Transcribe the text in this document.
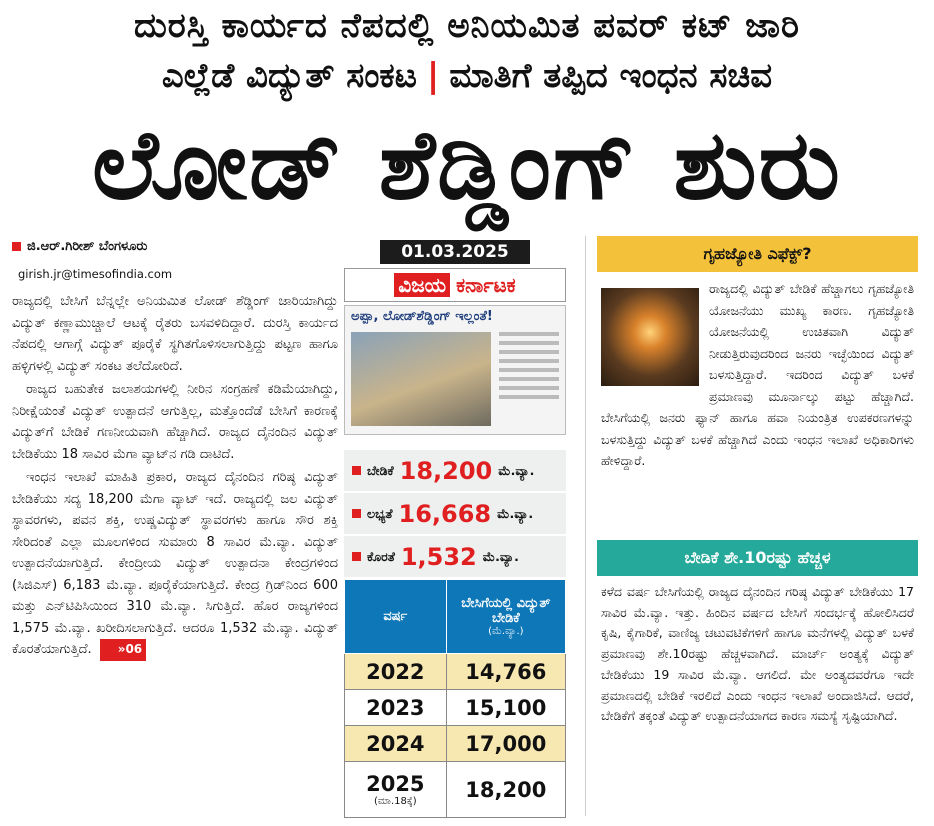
ದುರಸ್ತಿ ಕಾರ್ಯದ ನೆಪದಲ್ಲಿ ಅನಿಯಮಿತ ಪವರ್ ಕಟ್ ಜಾರಿ
ಎಲ್ಲೆಡೆ ವಿದ್ಯುತ್ ಸಂಕಟ | ಮಾತಿಗೆ ತಪ್ಪಿದ ಇಂಧನ ಸಚಿವ
ಲೋಡ್ ಶೆಡ್ಡಿಂಗ್ ಶುರು
ಜಿ.ಆರ್.ಗಿರೀಶ್ ಬೆಂಗಳೂರು
girish.jr@timesofindia.com

ರಾಜ್ಯದಲ್ಲಿ ಬೇಸಿಗೆ ಬೆನ್ನಲ್ಲೇ ಅನಿಯಮಿತ ಲೋಡ್ ಶೆಡ್ಡಿಂಗ್ ಜಾರಿಯಾಗಿದ್ದು ವಿದ್ಯುತ್ ಕಣ್ಣಾಮುಚ್ಚಾಲೆ ಆಟಕ್ಕೆ ರೈತರು ಬಸವಳಿದಿದ್ದಾರೆ. ದುರಸ್ತಿ ಕಾರ್ಯದ ನೆಪದಲ್ಲಿ ಆಗಾಗ್ಗೆ ವಿದ್ಯುತ್ ಪೂರೈಕೆ ಸ್ಥಗಿತಗೊಳಿಸಲಾಗುತ್ತಿದ್ದು ಪಟ್ಟಣ ಹಾಗೂ ಹಳ್ಳಿಗಳಲ್ಲಿ ವಿದ್ಯುತ್ ಸಂಕಟ ತಲೆದೋರಿದೆ.

ರಾಜ್ಯದ ಬಹುತೇಕ ಜಲಾಶಯಗಳಲ್ಲಿ ನೀರಿನ ಸಂಗ್ರಹಣೆ ಕಡಿಮೆಯಾಗಿದ್ದು, ನಿರೀಕ್ಷೆಯಂತೆ ವಿದ್ಯುತ್ ಉತ್ಪಾದನೆ ಆಗುತ್ತಿಲ್ಲ, ಮತ್ತೊಂದೆಡೆ ಬೇಸಿಗೆ ಕಾರಣಕ್ಕೆ ವಿದ್ಯುತ್‌ಗೆ ಬೇಡಿಕೆ ಗಣನೀಯವಾಗಿ ಹೆಚ್ಚಾಗಿದೆ. ರಾಜ್ಯದ ದೈನಂದಿನ ವಿದ್ಯುತ್ ಬೇಡಿಕೆಯು 18 ಸಾವಿರ ಮೆಗಾ ವ್ಯಾಟ್‌ನ ಗಡಿ ದಾಟಿದೆ.

ಇಂಧನ ಇಲಾಖೆ ಮಾಹಿತಿ ಪ್ರಕಾರ, ರಾಜ್ಯದ ದೈನಂದಿನ ಗರಿಷ್ಠ ವಿದ್ಯುತ್ ಬೇಡಿಕೆಯು ಸದ್ಯ 18,200 ಮೆಗಾ ವ್ಯಾಟ್ ಇದೆ. ರಾಜ್ಯದಲ್ಲಿ ಜಲ ವಿದ್ಯುತ್ ಸ್ಥಾವರಗಳು, ಪವನ ಶಕ್ತಿ, ಉಷ್ಣವಿದ್ಯುತ್ ಸ್ಥಾವರಗಳು ಹಾಗೂ ಸೌರ ಶಕ್ತಿ ಸೇರಿದಂತೆ ಎಲ್ಲಾ ಮೂಲಗಳಿಂದ ಸುಮಾರು 8 ಸಾವಿರ ಮೆ.ವ್ಯಾ. ವಿದ್ಯುತ್ ಉತ್ಪಾದನೆಯಾಗುತ್ತಿದೆ. ಕೇಂದ್ರೀಯ ವಿದ್ಯುತ್ ಉತ್ಪಾದನಾ ಕೇಂದ್ರಗಳಿಂದ (ಸಿಜಿಎಸ್) 6,183 ಮೆ.ವ್ಯಾ. ಪೂರೈಕೆಯಾಗುತ್ತಿದೆ. ಕೇಂದ್ರ ಗ್ರಿಡ್‌ನಿಂದ 600 ಮತ್ತು ಎನ್‌ಟಿಪಿಸಿಯಿಂದ 310 ಮೆ.ವ್ಯಾ. ಸಿಗುತ್ತಿದೆ. ಹೊರ ರಾಜ್ಯಗಳಿಂದ 1,575 ಮೆ.ವ್ಯಾ. ಖರೀದಿಸಲಾಗುತ್ತಿದೆ. ಆದರೂ 1,532 ಮೆ.ವ್ಯಾ. ವಿದ್ಯುತ್ ಕೊರತೆಯಾಗುತ್ತಿದೆ. »06

01.03.2025
ವಿಜಯ ಕರ್ನಾಟಕ
ಅಪ್ಪಾ, ಲೋಡ್‌ಶೆಡ್ಡಿಂಗ್ ಇಲ್ಲಂತೆ!
ಬೇಡಿಕೆ 18,200 ಮೆ.ವ್ಯಾ.
ಲಭ್ಯತೆ 16,668 ಮೆ.ವ್ಯಾ.
ಕೊರತೆ 1,532 ಮೆ.ವ್ಯಾ.
ವರ್ಷ	ಬೇಸಿಗೆಯಲ್ಲಿ ವಿದ್ಯುತ್ ಬೇಡಿಕೆ
(ಮೆ.ವ್ಯಾ.)

2022	14,766
2023	15,100
2024	17,000
2025
(ಮಾ.18ಕ್ಕೆ)	18,200
ಗೃಹಜ್ಯೋತಿ ಎಫೆಕ್ಟ್?
ರಾಜ್ಯದಲ್ಲಿ ವಿದ್ಯುತ್ ಬೇಡಿಕೆ ಹೆಚ್ಚಾಗಲು ಗೃಹಜ್ಯೋತಿ ಯೋಜನೆಯು ಮುಖ್ಯ ಕಾರಣ. ಗೃಹಜ್ಯೋತಿ ಯೋಜನೆಯಲ್ಲಿ ಉಚಿತವಾಗಿ ವಿದ್ಯುತ್ ನೀಡುತ್ತಿರುವುದರಿಂದ ಜನರು ಇಚ್ಛೆಯಿಂದ ವಿದ್ಯುತ್ ಬಳಸುತ್ತಿದ್ದಾರೆ. ಇದರಿಂದ ವಿದ್ಯುತ್ ಬಳಕೆ ಪ್ರಮಾಣವು ಮೂರ್ನಾಲ್ಕು ಪಟ್ಟು ಹೆಚ್ಚಾಗಿದೆ. ಬೇಸಿಗೆಯಲ್ಲಿ ಜನರು ಫ್ಯಾನ್ ಹಾಗೂ ಹವಾ ನಿಯಂತ್ರಿತ ಉಪಕರಣಗಳನ್ನು ಬಳಸುತ್ತಿದ್ದು ವಿದ್ಯುತ್ ಬಳಕೆ ಹೆಚ್ಚಾಗಿದೆ ಎಂದು ಇಂಧನ ಇಲಾಖೆ ಅಧಿಕಾರಿಗಳು ಹೇಳಿದ್ದಾರೆ.
ಬೇಡಿಕೆ ಶೇ.10ರಷ್ಟು ಹೆಚ್ಚಳ
ಕಳೆದ ವರ್ಷ ಬೇಸಿಗೆಯಲ್ಲಿ ರಾಜ್ಯದ ದೈನಂದಿನ ಗರಿಷ್ಠ ವಿದ್ಯುತ್ ಬೇಡಿಕೆಯು 17 ಸಾವಿರ ಮೆ.ವ್ಯಾ. ಇತ್ತು. ಹಿಂದಿನ ವರ್ಷದ ಬೇಸಿಗೆ ಸಂದರ್ಭಕ್ಕೆ ಹೋಲಿಸಿದರೆ ಕೃಷಿ, ಕೈಗಾರಿಕೆ, ವಾಣಿಜ್ಯ ಚಟುವಟಿಕೆಗಳಿಗೆ ಹಾಗೂ ಮನೆಗಳಲ್ಲಿ ವಿದ್ಯುತ್ ಬಳಕೆ ಪ್ರಮಾಣವು ಶೇ.10ರಷ್ಟು ಹೆಚ್ಚಳವಾಗಿದೆ. ಮಾರ್ಚ್ ಅಂತ್ಯಕ್ಕೆ ವಿದ್ಯುತ್ ಬೇಡಿಕೆಯು 19 ಸಾವಿರ ಮೆ.ವ್ಯಾ. ಆಗಲಿದೆ. ಮೇ ಅಂತ್ಯದವರೆಗೂ ಇದೇ ಪ್ರಮಾಣದಲ್ಲಿ ಬೇಡಿಕೆ ಇರಲಿದೆ ಎಂದು ಇಂಧನ ಇಲಾಖೆ ಅಂದಾಜಿಸಿದೆ. ಆದರೆ, ಬೇಡಿಕೆಗೆ ತಕ್ಕಂತೆ ವಿದ್ಯುತ್ ಉತ್ಪಾದನೆಯಾಗದ ಕಾರಣ ಸಮಸ್ಯೆ ಸೃಷ್ಟಿಯಾಗಿದೆ.
